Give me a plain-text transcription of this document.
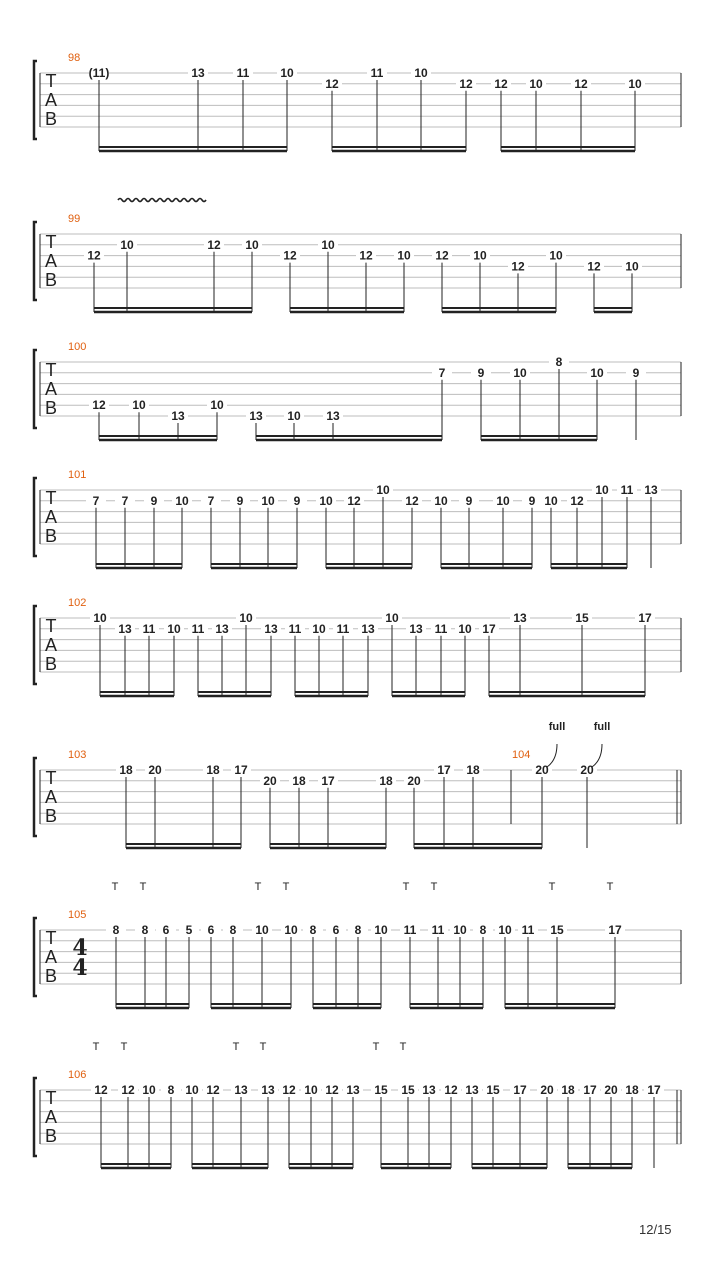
T
A
B
98
(11)	13	11	10
12
11	10
12 12 10	12	10
T
A
B
99
12
10	12 10
12
10
12 10 12 10
12
10
12 10
T
A
B
100
12 10
13
10
13 10 13
7	9 10
8
10 9
T
A
B
101
7 7 9 10 7 9 10 9 10 12
10
12 10 9 10 9 10 12
10 11 13
T
A
B
102
10
13 11 10 11 13
10
13 11 10 11 13
10
13 11 10 17
13	15	17
T
A
B
103
18 20	18 17
20 18 17	18 20
17 18	20	20
104
full	full
T
A
B
105
4
4
8 8 6 5 6 8 10 10 8 6 8 10 11 11 10 8 10 11 15	17
T T	T T	T T	T	T
T
A
B
106
12 12 10 8 10 12 13 13 12 10 12 13 15 15 13 12 13 15 17 20 18 17 20 18 17
T T	T T	T T
12/15
